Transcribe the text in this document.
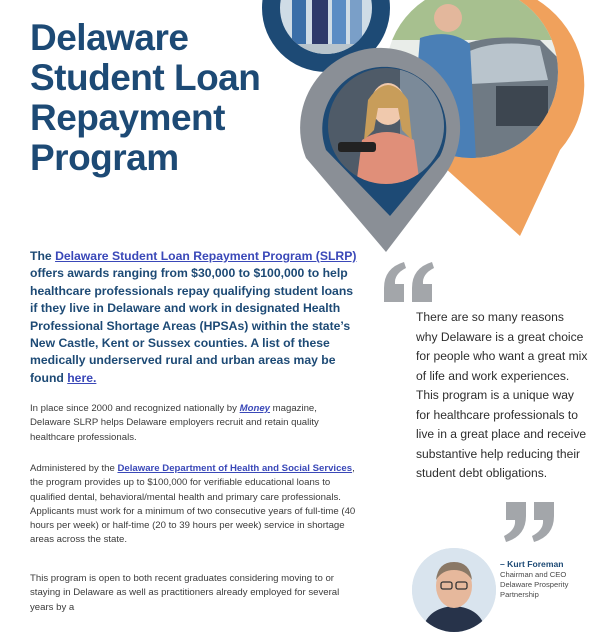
Delaware
Student Loan
Repayment
Program

The Delaware Student Loan Repayment Program (SLRP) offers awards ranging from $30,000 to $100,000 to help healthcare professionals repay qualifying student loans if they live in Delaware and work in designated Health Professional Shortage Areas (HPSAs) within the state’s New Castle, Kent or Sussex counties. A list of these medically underserved rural and urban areas may be found here.

In place since 2000 and recognized nationally by Money magazine, Delaware SLRP helps Delaware employers recruit and retain quality healthcare professionals.

Administered by the Delaware Department of Health and Social Services, the program provides up to $100,000 for verifiable educational loans to qualified dental, behavioral/mental health and primary care professionals. Applicants must work for a minimum of two consecutive years of full-time (40 hours per week) or half-time (20 to 39 hours per week) service in shortage areas across the state.

This program is open to both recent graduates considering moving to or staying in Delaware as well as practitioners already employed for several years by a

There are so many reasons why Delaware is a great choice for people who want a great mix of life and work experiences. This program is a unique way for healthcare professionals to live in a great place and receive substantive help reducing their student debt obligations.

– Kurt Foreman
Chairman and CEO
Delaware Prosperity
Partnership
